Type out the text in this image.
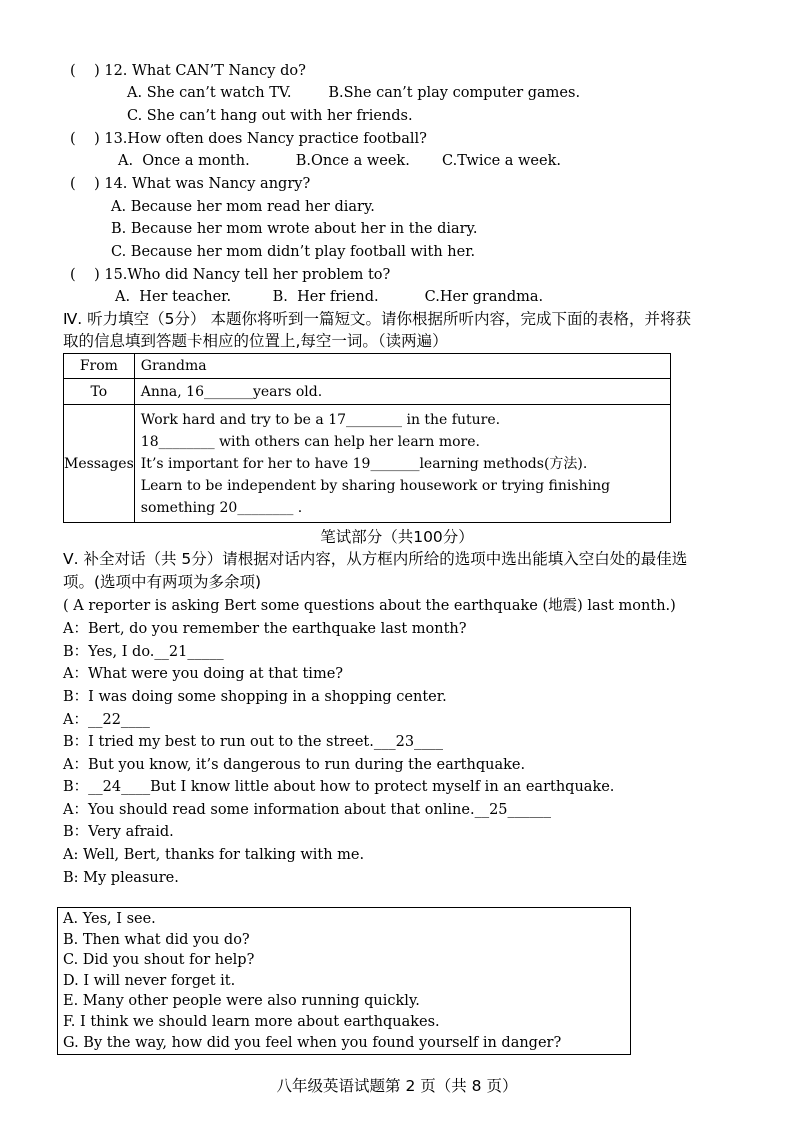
(    ) 12. What CAN’T Nancy do?
A. She can’t watch TV.        B.She can’t play computer games.
C. She can’t hang out with her friends.
(    ) 13.How often does Nancy practice football?
A.  Once a month.          B.Once a week.       C.Twice a week.
(    ) 14. What was Nancy angry?
A. Because her mom read her diary.
B. Because her mom wrote about her in the diary.
C. Because her mom didn’t play football with her.
(    ) 15.Who did Nancy tell her problem to?
A.  Her teacher.         B.  Her friend.          C.Her grandma.
Ⅳ. 听力填空（5分） 本题你将听到一篇短文。请你根据所听内容，完成下面的表格，并将获
取的信息填到答题卡相应的位置上,每空一词。（读两遍）
From	Grandma
To	Anna, 16_______years old.
Messages	Work hard and try to be a 17________ in the future.
18________ with others can help her learn more.
It’s important for her to have 19_______learning methods(方法).
Learn to be independent by sharing housework or trying finishing
something 20________ .
笔试部分（共100分）
Ⅴ. 补全对话（共 5分）请根据对话内容，从方框内所给的选项中选出能填入空白处的最佳选
项。(选项中有两项为多余项)
( A reporter is asking Bert some questions about the earthquake (地震) last month.)
A：Bert, do you remember the earthquake last month?
B：Yes, I do.__21_____
A：What were you doing at that time?
B：I was doing some shopping in a shopping center.
A：__22____
B：I tried my best to run out to the street.___23____
A：But you know, it’s dangerous to run during the earthquake.
B：__24____But I know little about how to protect myself in an earthquake.
A：You should read some information about that online.__25______
B：Very afraid.
A: Well, Bert, thanks for talking with me.
B: My pleasure.
A. Yes, I see.
B. Then what did you do?
C. Did you shout for help?
D. I will never forget it.
E. Many other people were also running quickly.
F. I think we should learn more about earthquakes.
G. By the way, how did you feel when you found yourself in danger?
八年级英语试题第 2 页（共 8 页）
